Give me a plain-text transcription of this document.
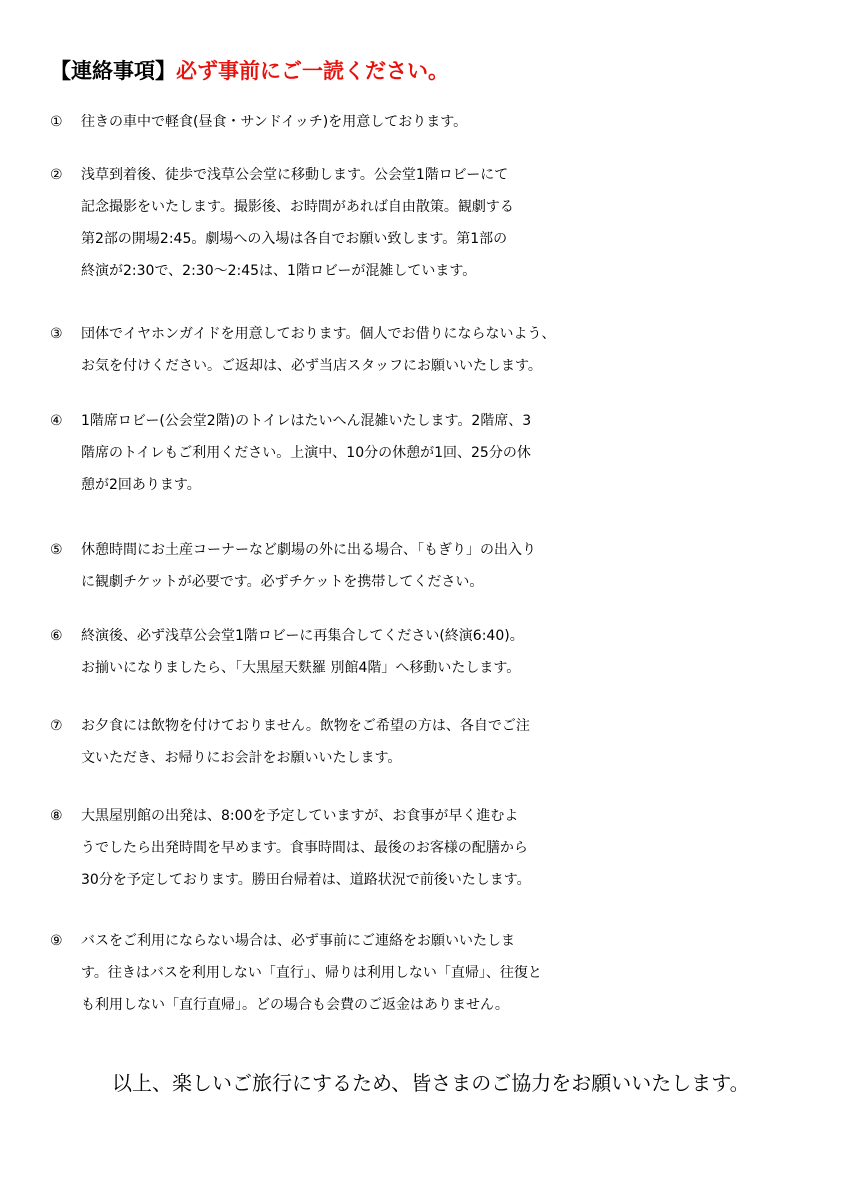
【連絡事項】必ず事前にご一読ください。
① 往きの車中で軽食(昼食・サンドイッチ)を用意しております。
② 浅草到着後、徒歩で浅草公会堂に移動します。公会堂1階ロビーにて
記念撮影をいたします。撮影後、お時間があれば自由散策。観劇する
第2部の開場2:45。劇場への入場は各自でお願い致します。第1部の
終演が2:30で、2:30〜2:45は、1階ロビーが混雑しています。
③ 団体でイヤホンガイドを用意しております。個人でお借りにならないよう、
お気を付けください。ご返却は、必ず当店スタッフにお願いいたします。
④ 1階席ロビー(公会堂2階)のトイレはたいへん混雑いたします。2階席、3
階席のトイレもご利用ください。上演中、10分の休憩が1回、25分の休
憩が2回あります。
⑤ 休憩時間にお土産コーナーなど劇場の外に出る場合、「もぎり」の出入り
に観劇チケットが必要です。必ずチケットを携帯してください。
⑥ 終演後、必ず浅草公会堂1階ロビーに再集合してください(終演6:40)。
お揃いになりましたら、「大黒屋天麩羅 別館4階」へ移動いたします。
⑦ お夕食には飲物を付けておりません。飲物をご希望の方は、各自でご注
文いただき、お帰りにお会計をお願いいたします。
⑧ 大黒屋別館の出発は、8:00を予定していますが、お食事が早く進むよ
うでしたら出発時間を早めます。食事時間は、最後のお客様の配膳から
30分を予定しております。勝田台帰着は、道路状況で前後いたします。
⑨ バスをご利用にならない場合は、必ず事前にご連絡をお願いいたしま
す。往きはバスを利用しない「直行」、帰りは利用しない「直帰」、往復と
も利用しない「直行直帰」。どの場合も会費のご返金はありません。
以上、楽しいご旅行にするため、皆さまのご協力をお願いいたします。
